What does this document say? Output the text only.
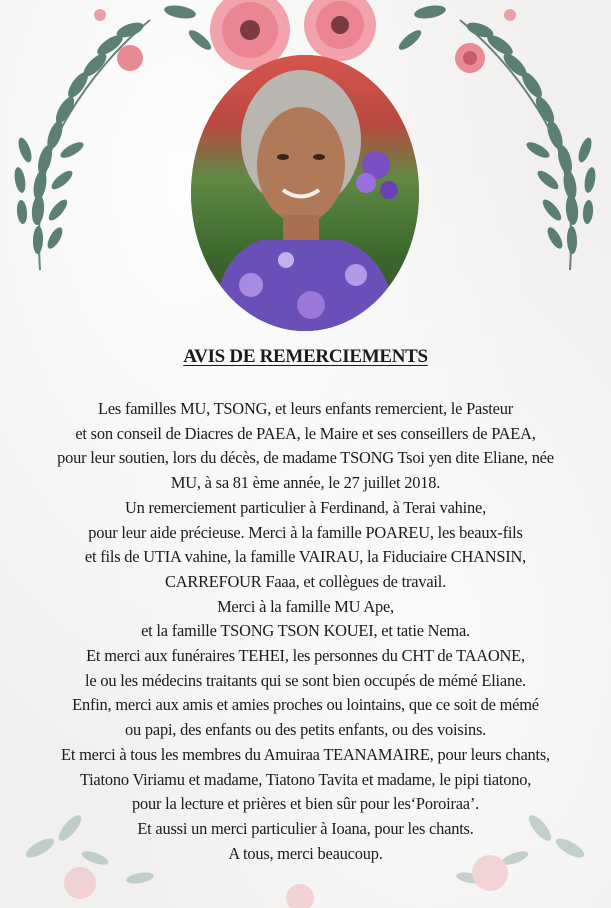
AVIS DE REMERCIEMENTS
Les familles MU, TSONG, et leurs enfants remercient, le Pasteur
et son conseil de Diacres de PAEA, le Maire et ses conseillers de PAEA,
pour leur soutien, lors du décès, de madame TSONG Tsoi yen dite Eliane, née
MU, à sa 81 ème année, le 27 juillet 2018.
Un remerciement particulier à Ferdinand, à Terai vahine,
pour leur aide précieuse. Merci à la famille POAREU, les beaux-fils
et fils de UTIA vahine, la famille VAIRAU, la Fiduciaire CHANSIN,
CARREFOUR Faaa, et collègues de travail.
Merci à la famille MU Ape,
et la famille TSONG TSON KOUEI, et tatie Nema.
Et merci aux funéraires TEHEI, les personnes du CHT de TAAONE,
le ou les médecins traitants qui se sont bien occupés de mémé Eliane.
Enfin, merci aux amis et amies proches ou lointains, que ce soit de mémé
ou papi, des enfants ou des petits enfants, ou des voisins.
Et merci à tous les membres du Amuiraa TEANAMAIRE, pour leurs chants,
Tiatono Viriamu et madame, Tiatono Tavita et madame, le pipi tiatono,
pour la lecture et prières et bien sûr pour les‘Poroiraa’.
Et aussi un merci particulier à Ioana, pour les chants.
A tous, merci beaucoup.
